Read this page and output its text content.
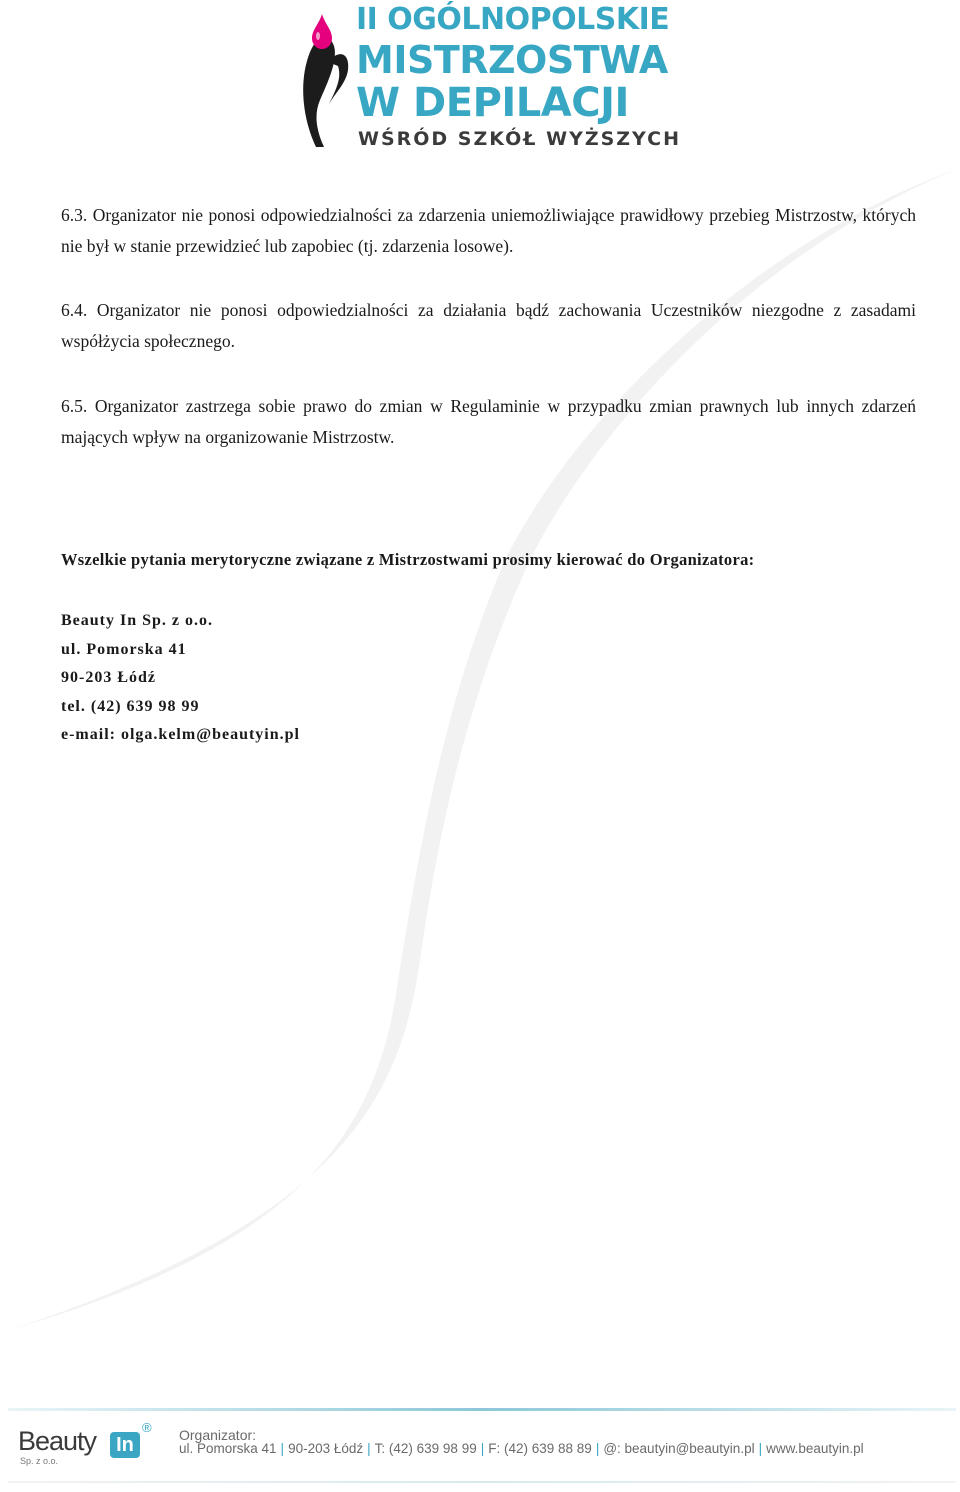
II OGÓLNOPOLSKIE
MISTRZOSTWA
W DEPILACJI
WŚRÓD SZKÓŁ WYŻSZYCH
6.3. Organizator nie ponosi odpowiedzialności za zdarzenia uniemożliwiające prawidłowy przebieg Mistrzostw, których nie był w stanie przewidzieć lub zapobiec (tj. zdarzenia losowe).
6.4. Organizator nie ponosi odpowiedzialności za działania bądź zachowania Uczestników niezgodne z zasadami współżycia społecznego.
6.5. Organizator zastrzega sobie prawo do zmian w Regulaminie w przypadku zmian prawnych lub innych zdarzeń mających wpływ na organizowanie Mistrzostw.
Wszelkie pytania merytoryczne związane z Mistrzostwami prosimy kierować do Organizatora:
Beauty In Sp. z o.o.
ul. Pomorska 41
90-203 Łódź
tel. (42) 639 98 99
e-mail: olga.kelm@beautyin.pl
Beauty	In
®
Sp. z o.o.
Organizator:
ul. Pomorska 41 | 90-203 Łódź | T: (42) 639 98 99 | F: (42) 639 88 89 | @: beautyin@beautyin.pl | www.beautyin.pl
